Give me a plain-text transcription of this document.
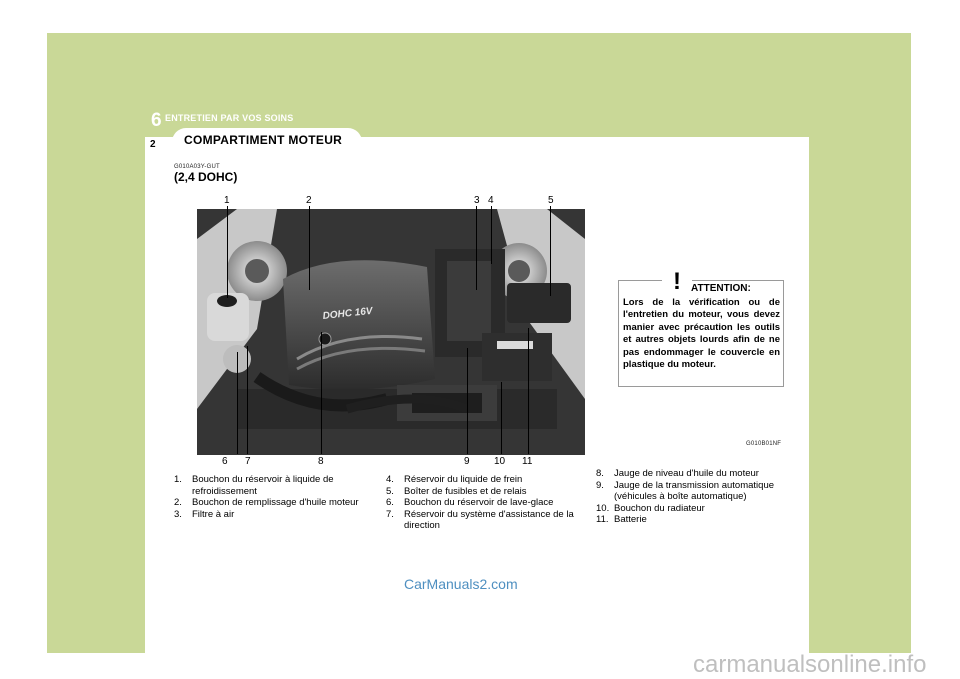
6 ENTRETIEN PAR VOS SOINS
2 COMPARTIMENT MOTEUR
G010A03Y-GUT
(2,4 DOHC)
1	2	3 4	5
DOHC 16V
6 7	8	9 10 11
! ATTENTION:
Lors de la vérification ou de l'entretien du moteur, vous devez manier avec précaution les outils et autres objets lourds afin de ne pas endommager le couvercle en plastique du moteur.
G010B01NF
1. Bouchon du réservoir à liquide de refroidissement
2. Bouchon de remplissage d'huile moteur
3. Filtre à air
4. Réservoir du liquide de frein
5. Boîter de fusibles et de relais
6. Bouchon du réservoir de lave-glace
7. Réservoir du système d'assistance de la direction
8. Jauge de niveau d'huile du moteur
9. Jauge de la transmission automatique (véhicules à boîte automatique)
10. Bouchon du radiateur
11. Batterie
CarManuals2.com
carmanualsonline.info
